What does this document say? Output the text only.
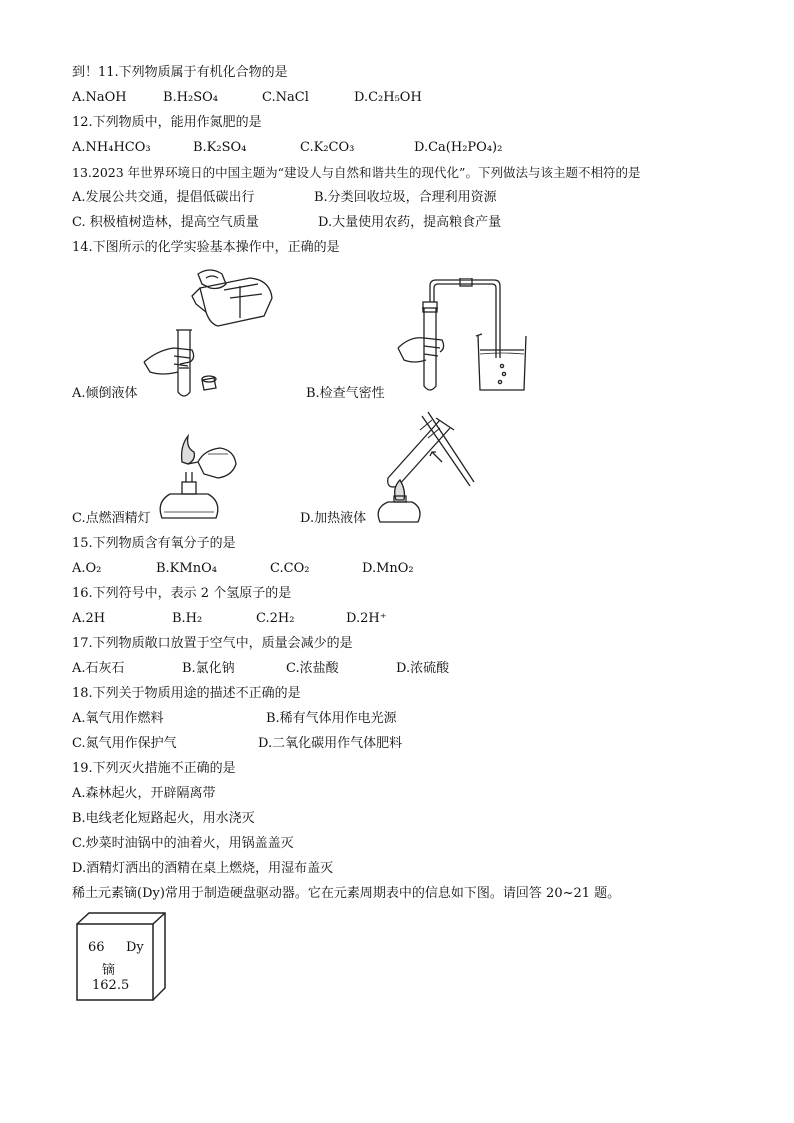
到！11.下列物质属于有机化合物的是
A.NaOH	B.H₂SO₄	C.NaCl	D.C₂H₅OH
12.下列物质中，能用作氮肥的是
A.NH₄HCO₃	B.K₂SO₄	C.K₂CO₃	D.Ca(H₂PO₄)₂
13.2023 年世界环境日的中国主题为“建设人与自然和谐共生的现代化”。下列做法与该主题不相符的是
A.发展公共交通，提倡低碳出行	B.分类回收垃圾，合理利用资源
C. 积极植树造林，提高空气质量	D.大量使用农药，提高粮食产量
14.下图所示的化学实验基本操作中，正确的是
A.倾倒液体	B.检查气密性
C.点燃酒精灯	D.加热液体
15.下列物质含有氧分子的是
A.O₂	B.KMnO₄	C.CO₂	D.MnO₂
16.下列符号中，表示 2 个氢原子的是
A.2H	B.H₂	C.2H₂	D.2H⁺
17.下列物质敞口放置于空气中，质量会减少的是
A.石灰石	B.氯化钠	C.浓盐酸	D.浓硫酸
18.下列关于物质用途的描述不正确的是
A.氧气用作燃料	B.稀有气体用作电光源
C.氮气用作保护气	D.二氧化碳用作气体肥料
19.下列灭火措施不正确的是
A.森林起火，开辟隔离带
B.电线老化短路起火，用水浇灭
C.炒菜时油锅中的油着火，用锅盖盖灭
D.酒精灯洒出的酒精在桌上燃烧，用湿布盖灭
稀土元素镝(Dy)常用于制造硬盘驱动器。它在元素周期表中的信息如下图。请回答 20~21 题。
66 Dy
镝
162.5
